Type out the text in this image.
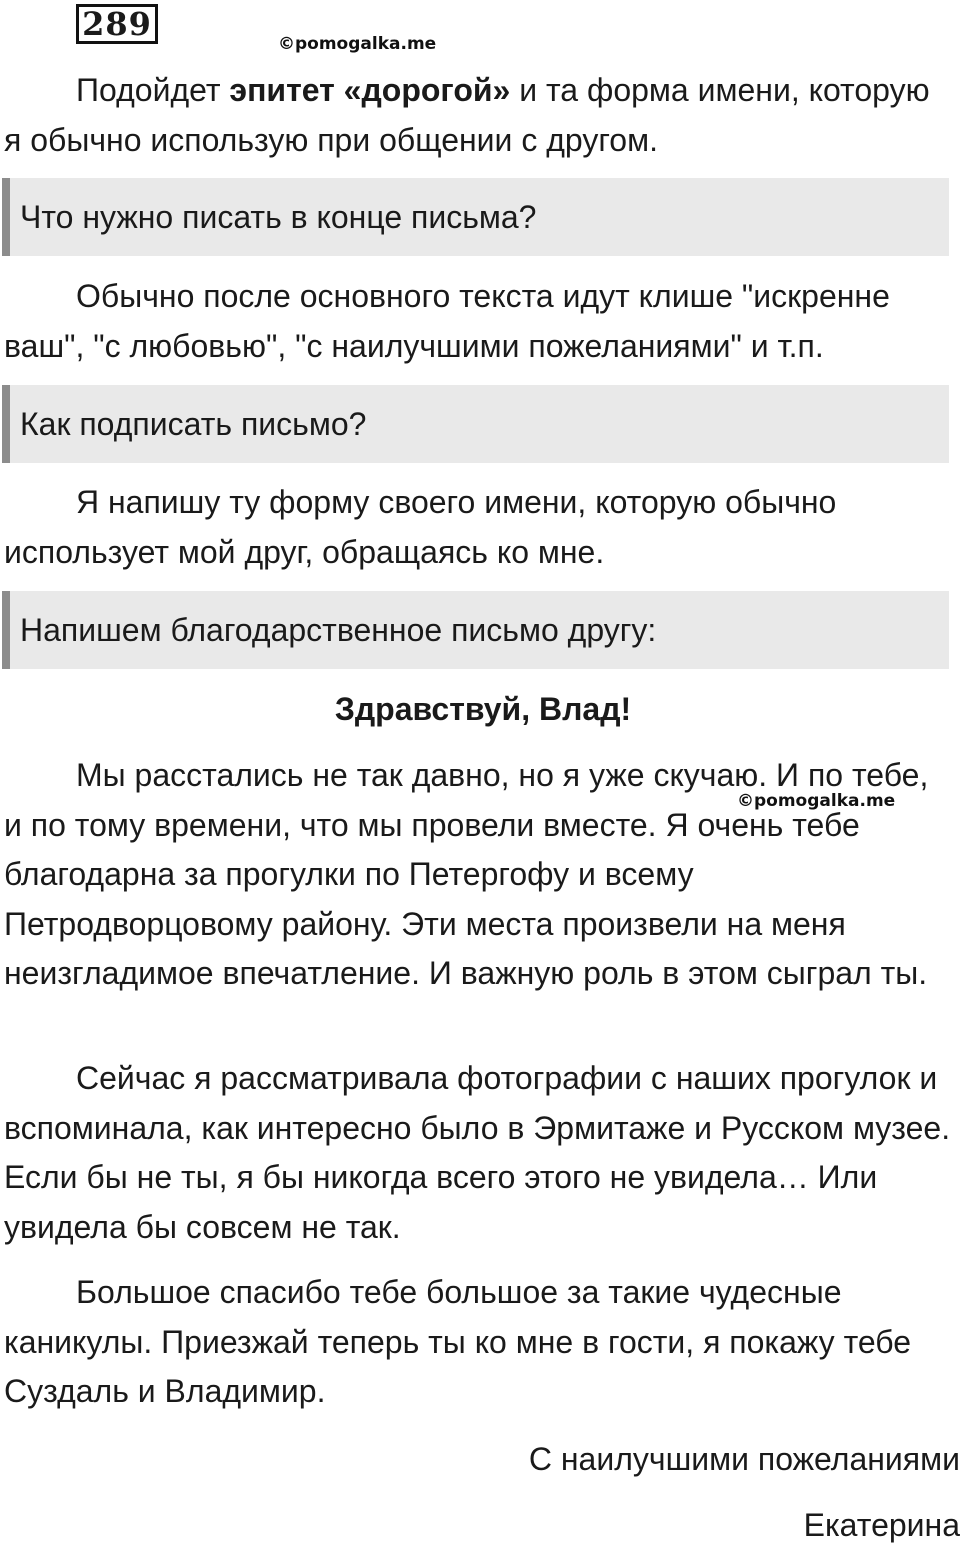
289
©pomogalka.me

Подойдет эпитет «дорогой» и та форма имени, которую я обычно использую при общении с другом.

Что нужно писать в конце письма?

Обычно после основного текста идут клише "искренне ваш", "с любовью", "с наилучшими пожеланиями" и т.п.

Как подписать письмо?

Я напишу ту форму своего имени, которую обычно использует мой друг, обращаясь ко мне.

Напишем благодарственное письмо другу:
Здравствуй, Влад!

Мы расстались не так давно, но я уже скучаю. И по тебе, и по тому времени, что мы провели вместе. Я очень тебе благодарна за прогулки по Петергофу и всему Петродворцовому району. Эти места произвели на меня неизгладимое впечатление. И важную роль в этом сыграл ты.

©pomogalka.me

Сейчас я рассматривала фотографии с наших прогулок и вспоминала, как интересно было в Эрмитаже и Русском музее. Если бы не ты, я бы никогда всего этого не увидела… Или увидела бы совсем не так.

Большое спасибо тебе большое за такие чудесные каникулы. Приезжай теперь ты ко мне в гости, я покажу тебе Суздаль и Владимир.

С наилучшими пожеланиями
Екатерина
